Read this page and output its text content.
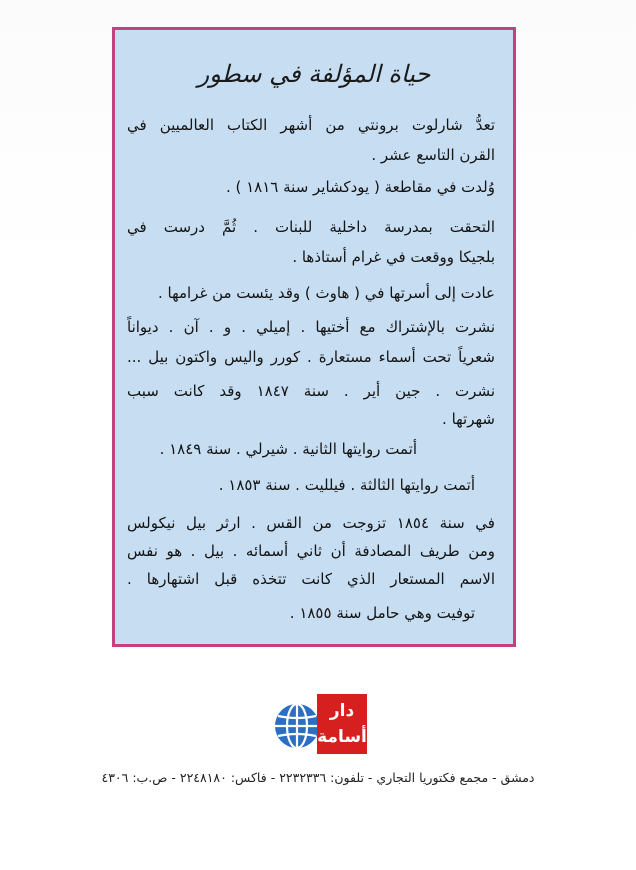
حياة المؤلفة في سطور
تعدُّ شارلوت برونتي من أشهر الكتاب العالميين في
القرن التاسع عشر .
وُلدت في مقاطعة ( يودكشاير سنة ١٨١٦ ) .
التحقت بمدرسة داخلية للبنات . ثُمَّ درست في
بلجيكا ووقعت في غرام أستاذها .
عادت إلى أسرتها في ( هاوث ) وقد يئست من غرامها .
نشرت بالإشتراك مع أختيها . إميلي . و . آن . ديواناً
شعرياً تحت أسماء مستعارة . كورر واليس واكتون بيل ...
نشرت . جين أير . سنة ١٨٤٧ وقد كانت سبب
شهرتها .
أتمت روايتها الثانية . شيرلي . سنة ١٨٤٩ .
أتمت روايتها الثالثة . فيلليت . سنة ١٨٥٣ .
في سنة ١٨٥٤ تزوجت من القس . ارثر بيل نيكولس
ومن طريف المصادفة أن ثاني أسمائه . بيل . هو نفس
الاسم المستعار الذي كانت تتخذه قبل اشتهارها .
توفيت وهي حامل سنة ١٨٥٥ .
دار
أسامة
دمشق - مجمع فكتوريا التجاري - تلفون: ٢٢٣٢٣٣٦ - فاكس: ٢٢٤٨١٨٠ - ص.ب: ٤٣٠٦
